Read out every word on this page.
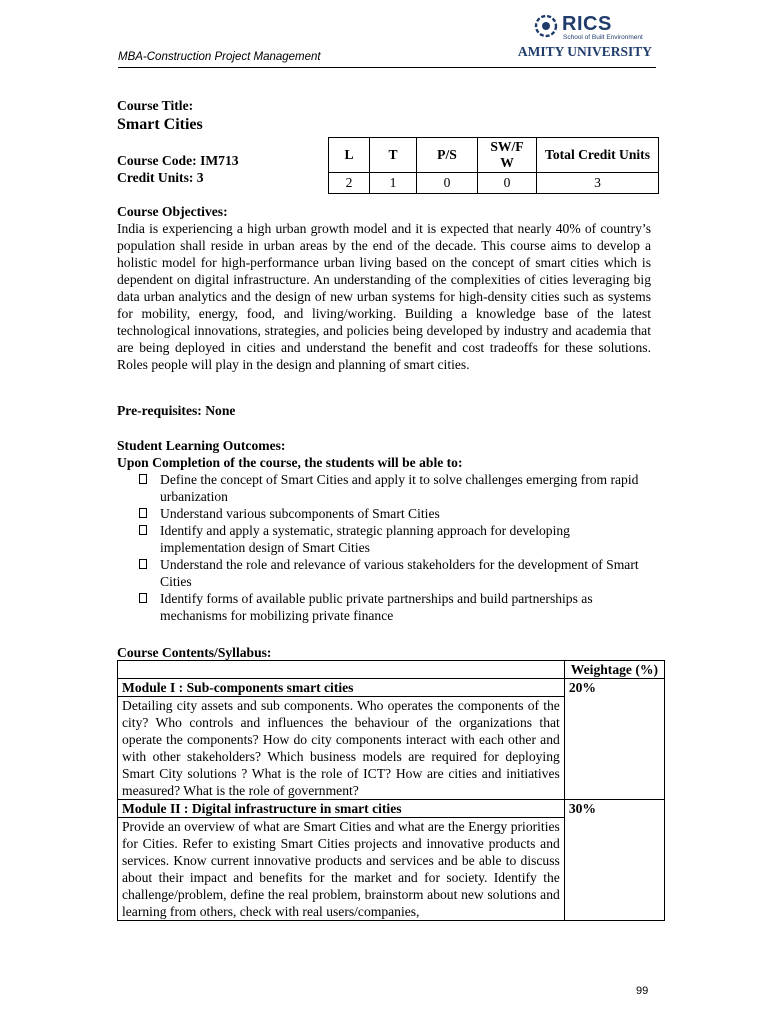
MBA-Construction Project Management
RICS
School of Built Environment
AMITY UNIVERSITY
Course Title:
Smart Cities
Course Code: IM713
Credit Units: 3
L	T	P/S	SW/F W	Total Credit Units
2	1	0	0	3
Course Objectives:
India is experiencing a high urban growth model and it is expected that nearly 40% of country’s population shall reside in urban areas by the end of the decade. This course aims to develop a holistic model for high-performance urban living based on the concept of smart cities which is dependent on digital infrastructure. An understanding of the complexities of cities leveraging big data urban analytics and the design of new urban systems for high-density cities such as systems for mobility, energy, food, and living/working. Building a knowledge base of the latest technological innovations, strategies, and policies being developed by industry and academia that are being deployed in cities and understand the benefit and cost tradeoffs for these solutions. Roles people will play in the design and planning of smart cities.
Pre-requisites: None
Student Learning Outcomes:
Upon Completion of the course, the students will be able to:
Define the concept of Smart Cities and apply it to solve challenges emerging from rapid urbanization
Understand various subcomponents of Smart Cities
Identify and apply a systematic, strategic planning approach for developing implementation design of Smart Cities
Understand the role and relevance of various stakeholders for the development of Smart Cities
Identify forms of available public private partnerships and build partnerships as mechanisms for mobilizing private finance
Course Contents/Syllabus:
	Weightage (%)
Module I : Sub-components smart cities	20%
Detailing city assets and sub components. Who operates the components of the city? Who controls and influences the behaviour of the organizations that operate the components? How do city components interact with each other and with other stakeholders? Which business models are required for deploying Smart City solutions ? What is the role of ICT? How are cities and initiatives measured? What is the role of government?	
Module II : Digital infrastructure in smart cities	30%
Provide an overview of what are Smart Cities and what are the Energy priorities for Cities. Refer to existing Smart Cities projects and innovative products and services. Know current innovative products and services and be able to discuss about their impact and benefits for the market and for society. Identify the challenge/problem, define the real problem, brainstorm about new solutions and learning from others, check with real users/companies,	
99
